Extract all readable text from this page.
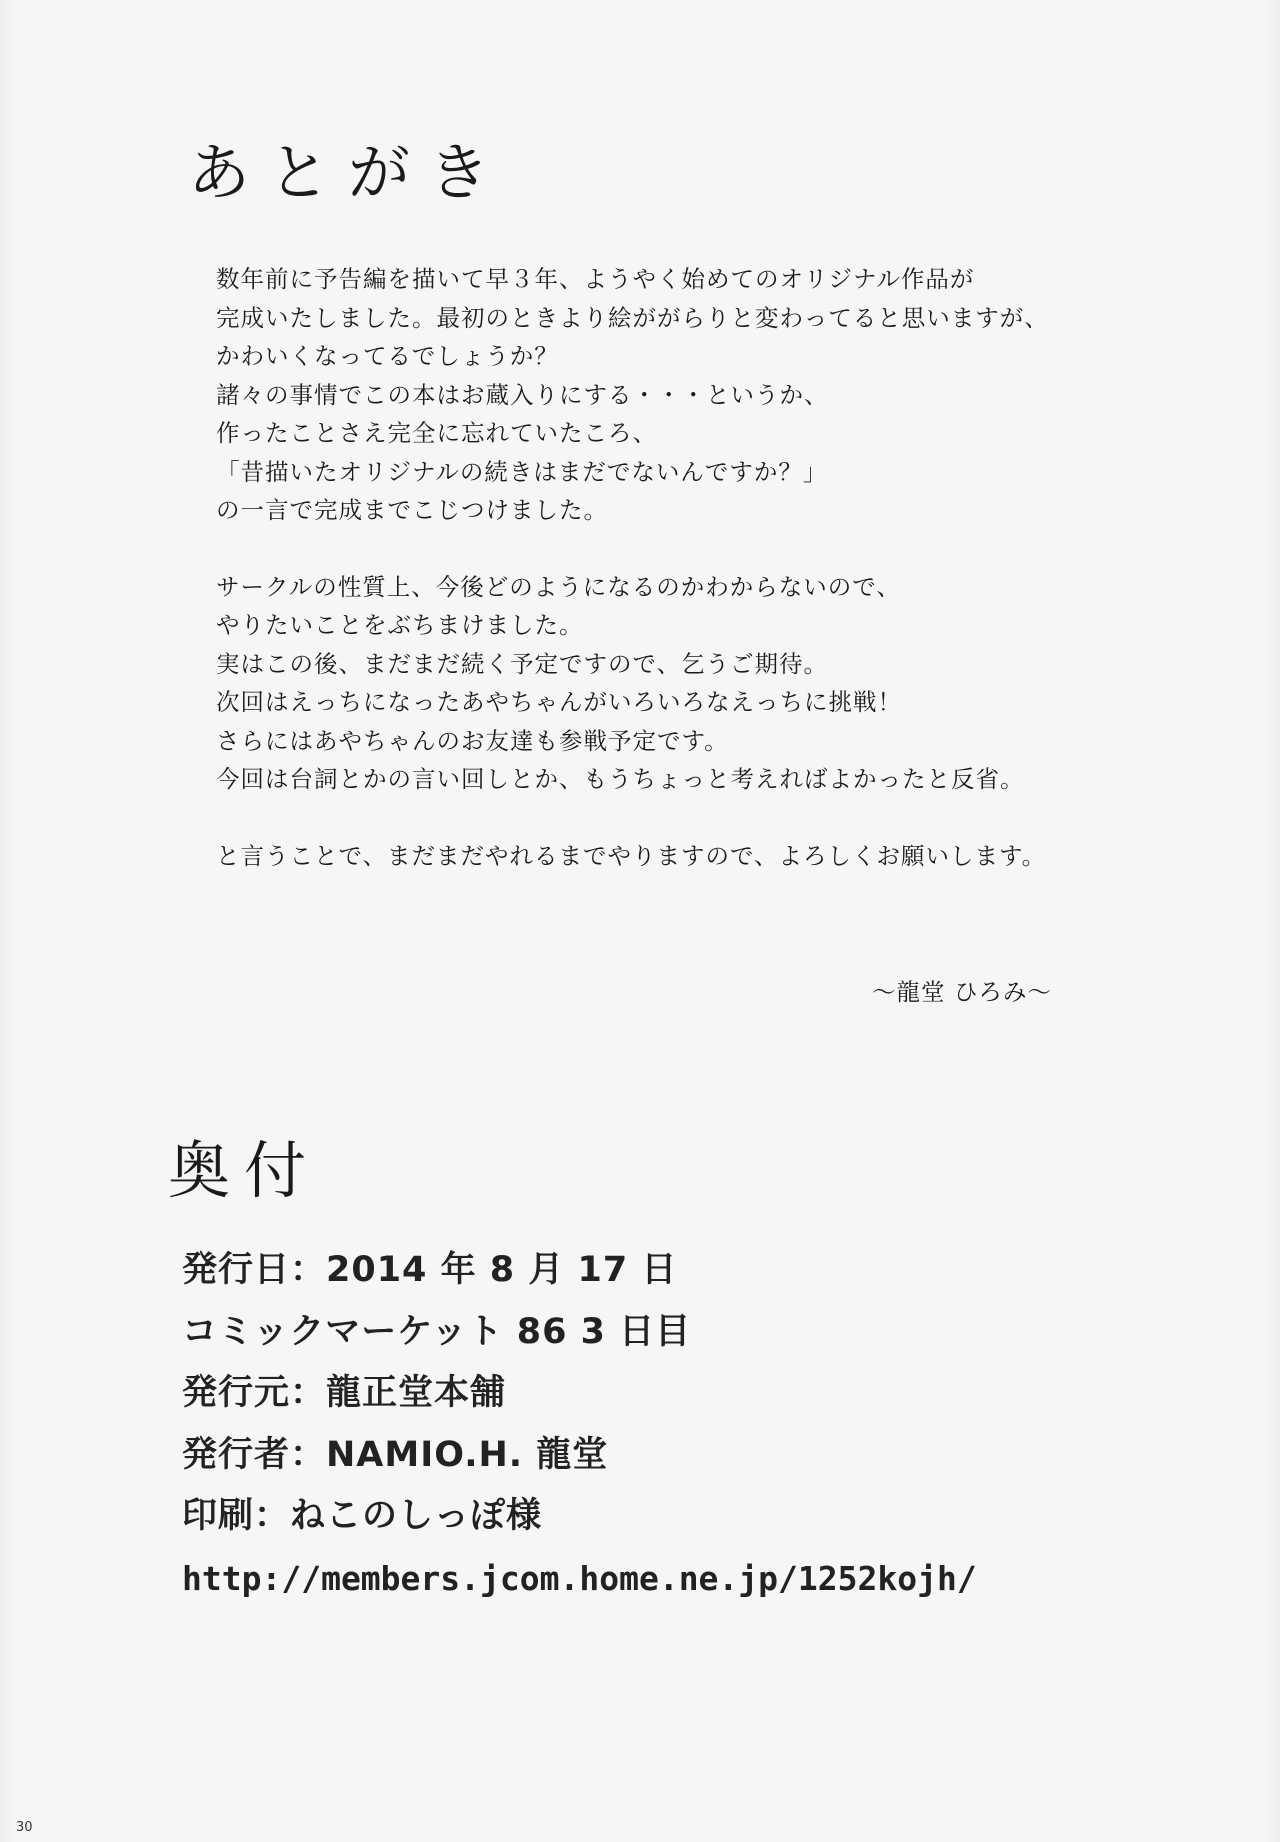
あとがき
数年前に予告編を描いて早３年、ようやく始めてのオリジナル作品が
完成いたしました。最初のときより絵ががらりと変わってると思いますが、
かわいくなってるでしょうか？
諸々の事情でこの本はお蔵入りにする・・・というか、
作ったことさえ完全に忘れていたころ、
「昔描いたオリジナルの続きはまだでないんですか？」
の一言で完成までこじつけました。
サークルの性質上、今後どのようになるのかわからないので、
やりたいことをぶちまけました。
実はこの後、まだまだ続く予定ですので、乞うご期待。
次回はえっちになったあやちゃんがいろいろなえっちに挑戦！
さらにはあやちゃんのお友達も参戦予定です。
今回は台詞とかの言い回しとか、もうちょっと考えればよかったと反省。
と言うことで、まだまだやれるまでやりますので、よろしくお願いします。
～龍堂 ひろみ～
奥付
発行日：2014 年 8 月 17 日
コミックマーケット 86 3 日目
発行元：龍正堂本舗
発行者：NAMIO.H. 龍堂
印刷：ねこのしっぽ様
http://members.jcom.home.ne.jp/1252kojh/
30
